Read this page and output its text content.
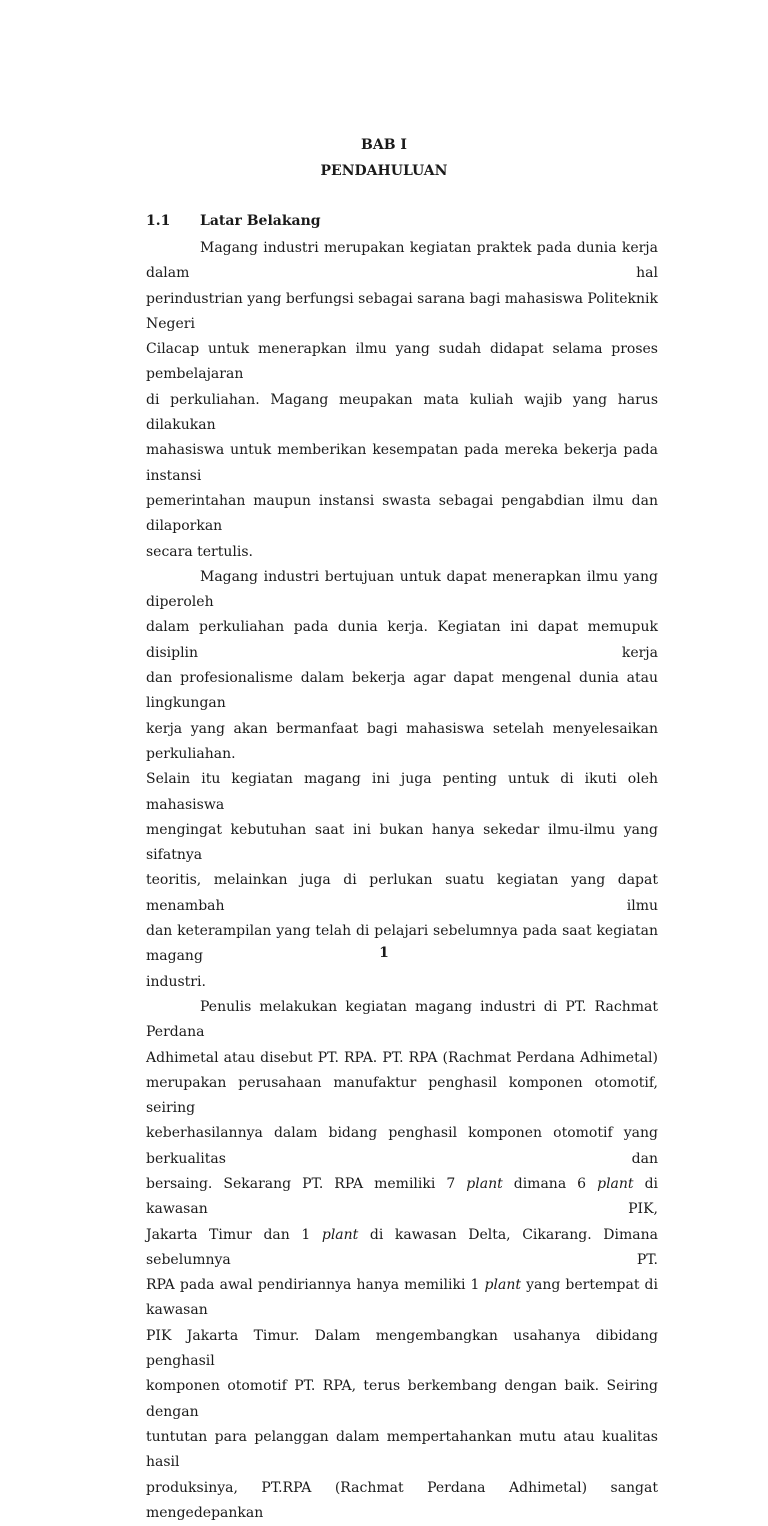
BAB I
PENDAHULUAN
1.1 Latar Belakang
Magang industri merupakan kegiatan praktek pada dunia kerja dalam hal
perindustrian yang berfungsi sebagai sarana bagi mahasiswa Politeknik Negeri
Cilacap untuk menerapkan ilmu yang sudah didapat selama proses pembelajaran
di perkuliahan. Magang meupakan mata kuliah wajib yang harus dilakukan
mahasiswa untuk memberikan kesempatan pada mereka bekerja pada instansi
pemerintahan maupun instansi swasta sebagai pengabdian ilmu dan dilaporkan
secara tertulis.
Magang industri bertujuan untuk dapat menerapkan ilmu yang diperoleh
dalam perkuliahan pada dunia kerja. Kegiatan ini dapat memupuk disiplin kerja
dan profesionalisme dalam bekerja agar dapat mengenal dunia atau lingkungan
kerja yang akan bermanfaat bagi mahasiswa setelah menyelesaikan perkuliahan.
Selain itu kegiatan magang ini juga penting untuk di ikuti oleh mahasiswa
mengingat kebutuhan saat ini bukan hanya sekedar ilmu-ilmu yang sifatnya
teoritis, melainkan juga di perlukan suatu kegiatan yang dapat menambah ilmu
dan keterampilan yang telah di pelajari sebelumnya pada saat kegiatan magang
industri.
Penulis melakukan kegiatan magang industri di PT. Rachmat Perdana
Adhimetal atau disebut PT. RPA. PT. RPA (Rachmat Perdana Adhimetal)
merupakan perusahaan manufaktur penghasil komponen otomotif, seiring
keberhasilannya dalam bidang penghasil komponen otomotif yang berkualitas dan
bersaing. Sekarang PT. RPA memiliki 7 plant dimana 6 plant di kawasan PIK,
Jakarta Timur dan 1 plant di kawasan Delta, Cikarang. Dimana sebelumnya PT.
RPA pada awal pendiriannya hanya memiliki 1 plant yang bertempat di kawasan
PIK Jakarta Timur. Dalam mengembangkan usahanya dibidang penghasil
komponen otomotif PT. RPA, terus berkembang dengan baik. Seiring dengan
tuntutan para pelanggan dalam mempertahankan mutu atau kualitas hasil
produksinya, PT.RPA (Rachmat Perdana Adhimetal) sangat mengedepankan
1
